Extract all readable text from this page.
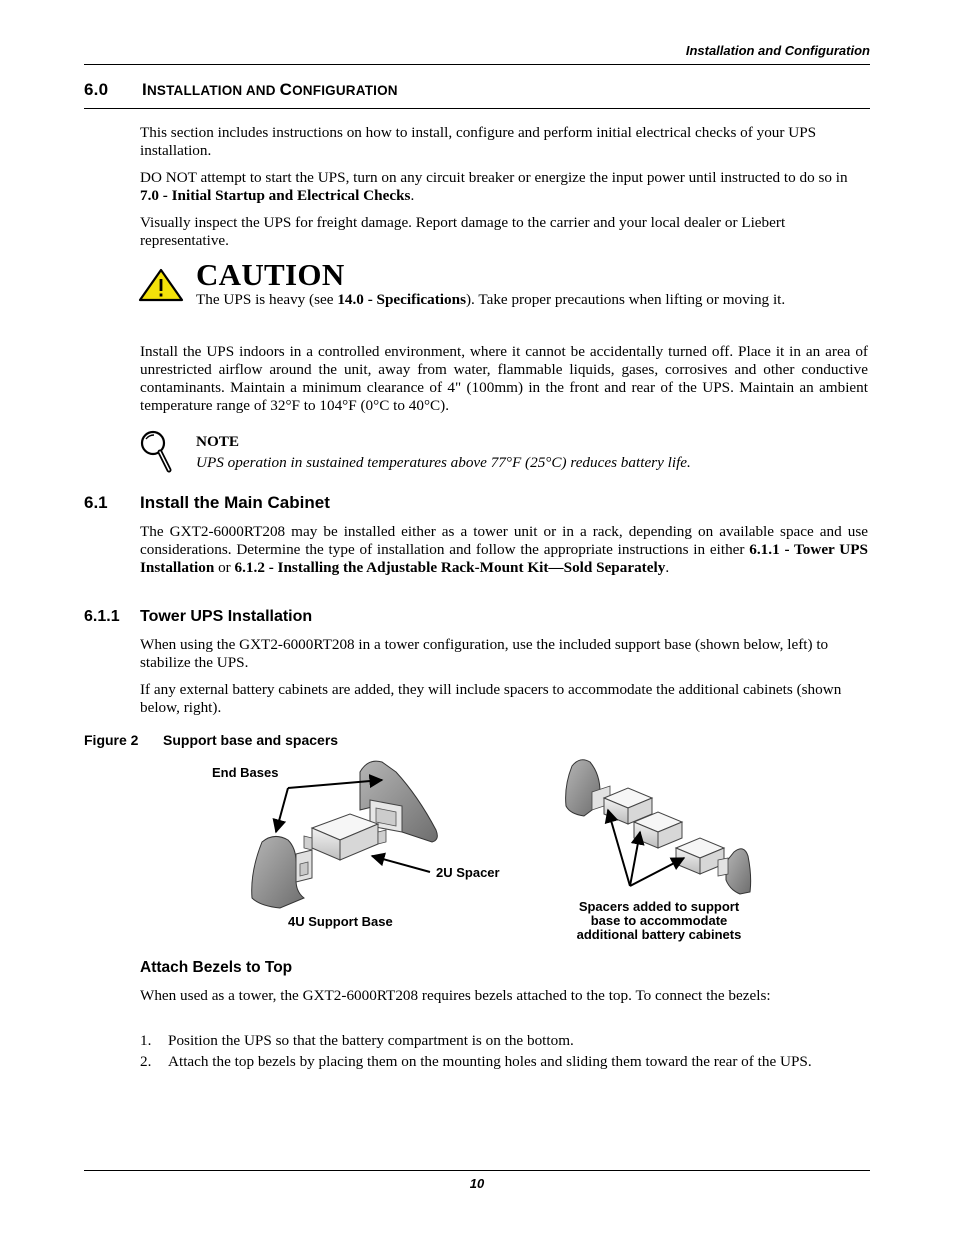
Installation and Configuration
6.0 INSTALLATION AND CONFIGURATION
This section includes instructions on how to install, configure and perform initial electrical checks of your UPS installation.
DO NOT attempt to start the UPS, turn on any circuit breaker or energize the input power until instructed to do so in 7.0 - Initial Startup and Electrical Checks.
Visually inspect the UPS for freight damage. Report damage to the carrier and your local dealer or Liebert representative.
CAUTION
The UPS is heavy (see 14.0 - Specifications). Take proper precautions when lifting or moving it.
Install the UPS indoors in a controlled environment, where it cannot be accidentally turned off. Place it in an area of unrestricted airflow around the unit, away from water, flammable liquids, gases, corrosives and other conductive contaminants. Maintain a minimum clearance of 4" (100mm) in the front and rear of the UPS. Maintain an ambient temperature range of 32°F to 104°F (0°C to 40°C).
NOTE
UPS operation in sustained temperatures above 77°F (25°C) reduces battery life.
6.1 Install the Main Cabinet
The GXT2-6000RT208 may be installed either as a tower unit or in a rack, depending on available space and use considerations. Determine the type of installation and follow the appropriate instructions in either 6.1.1 - Tower UPS Installation or 6.1.2 - Installing the Adjustable Rack-Mount Kit—Sold Separately.
6.1.1 Tower UPS Installation
When using the GXT2-6000RT208 in a tower configuration, use the included support base (shown below, left) to stabilize the UPS.
If any external battery cabinets are added, they will include spacers to accommodate the additional cabinets (shown below, right).
Figure 2 Support base and spacers
End Bases
2U Spacer
4U Support Base
Spacers added to support
base to accommodate
additional battery cabinets
Attach Bezels to Top
When used as a tower, the GXT2-6000RT208 requires bezels attached to the top. To connect the bezels:
1. Position the UPS so that the battery compartment is on the bottom.
2. Attach the top bezels by placing them on the mounting holes and sliding them toward the rear of the UPS.
10
